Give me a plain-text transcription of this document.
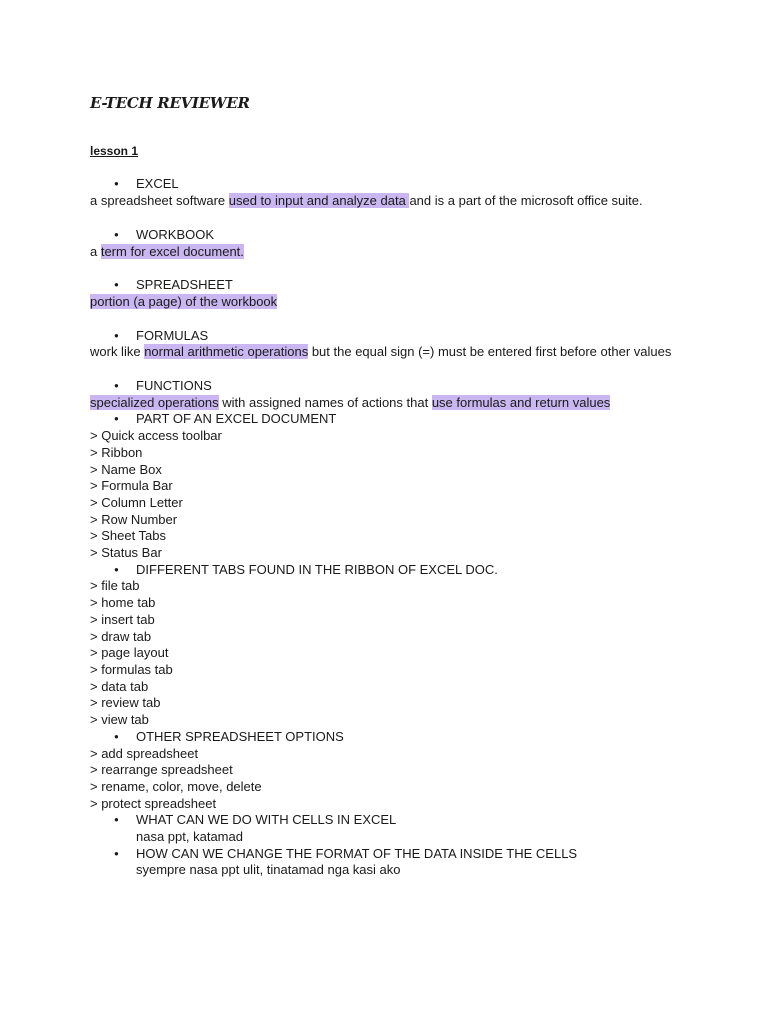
E-TECH REVIEWER
lesson 1
● EXCEL
a spreadsheet software used to input and analyze data and is a part of the microsoft office suite.
● WORKBOOK
a term for excel document.
● SPREADSHEET
portion (a page) of the workbook
● FORMULAS
work like normal arithmetic operations but the equal sign (=) must be entered first before other values
● FUNCTIONS
specialized operations with assigned names of actions that use formulas and return values
● PART OF AN EXCEL DOCUMENT
> Quick access toolbar
> Ribbon
> Name Box
> Formula Bar
> Column Letter
> Row Number
> Sheet Tabs
> Status Bar
● DIFFERENT TABS FOUND IN THE RIBBON OF EXCEL DOC.
> file tab
> home tab
> insert tab
> draw tab
> page layout
> formulas tab
> data tab
> review tab
> view tab
● OTHER SPREADSHEET OPTIONS
> add spreadsheet
> rearrange spreadsheet
> rename, color, move, delete
> protect spreadsheet
● WHAT CAN WE DO WITH CELLS IN EXCEL
nasa ppt, katamad
● HOW CAN WE CHANGE THE FORMAT OF THE DATA INSIDE THE CELLS
syempre nasa ppt ulit, tinatamad nga kasi ako
